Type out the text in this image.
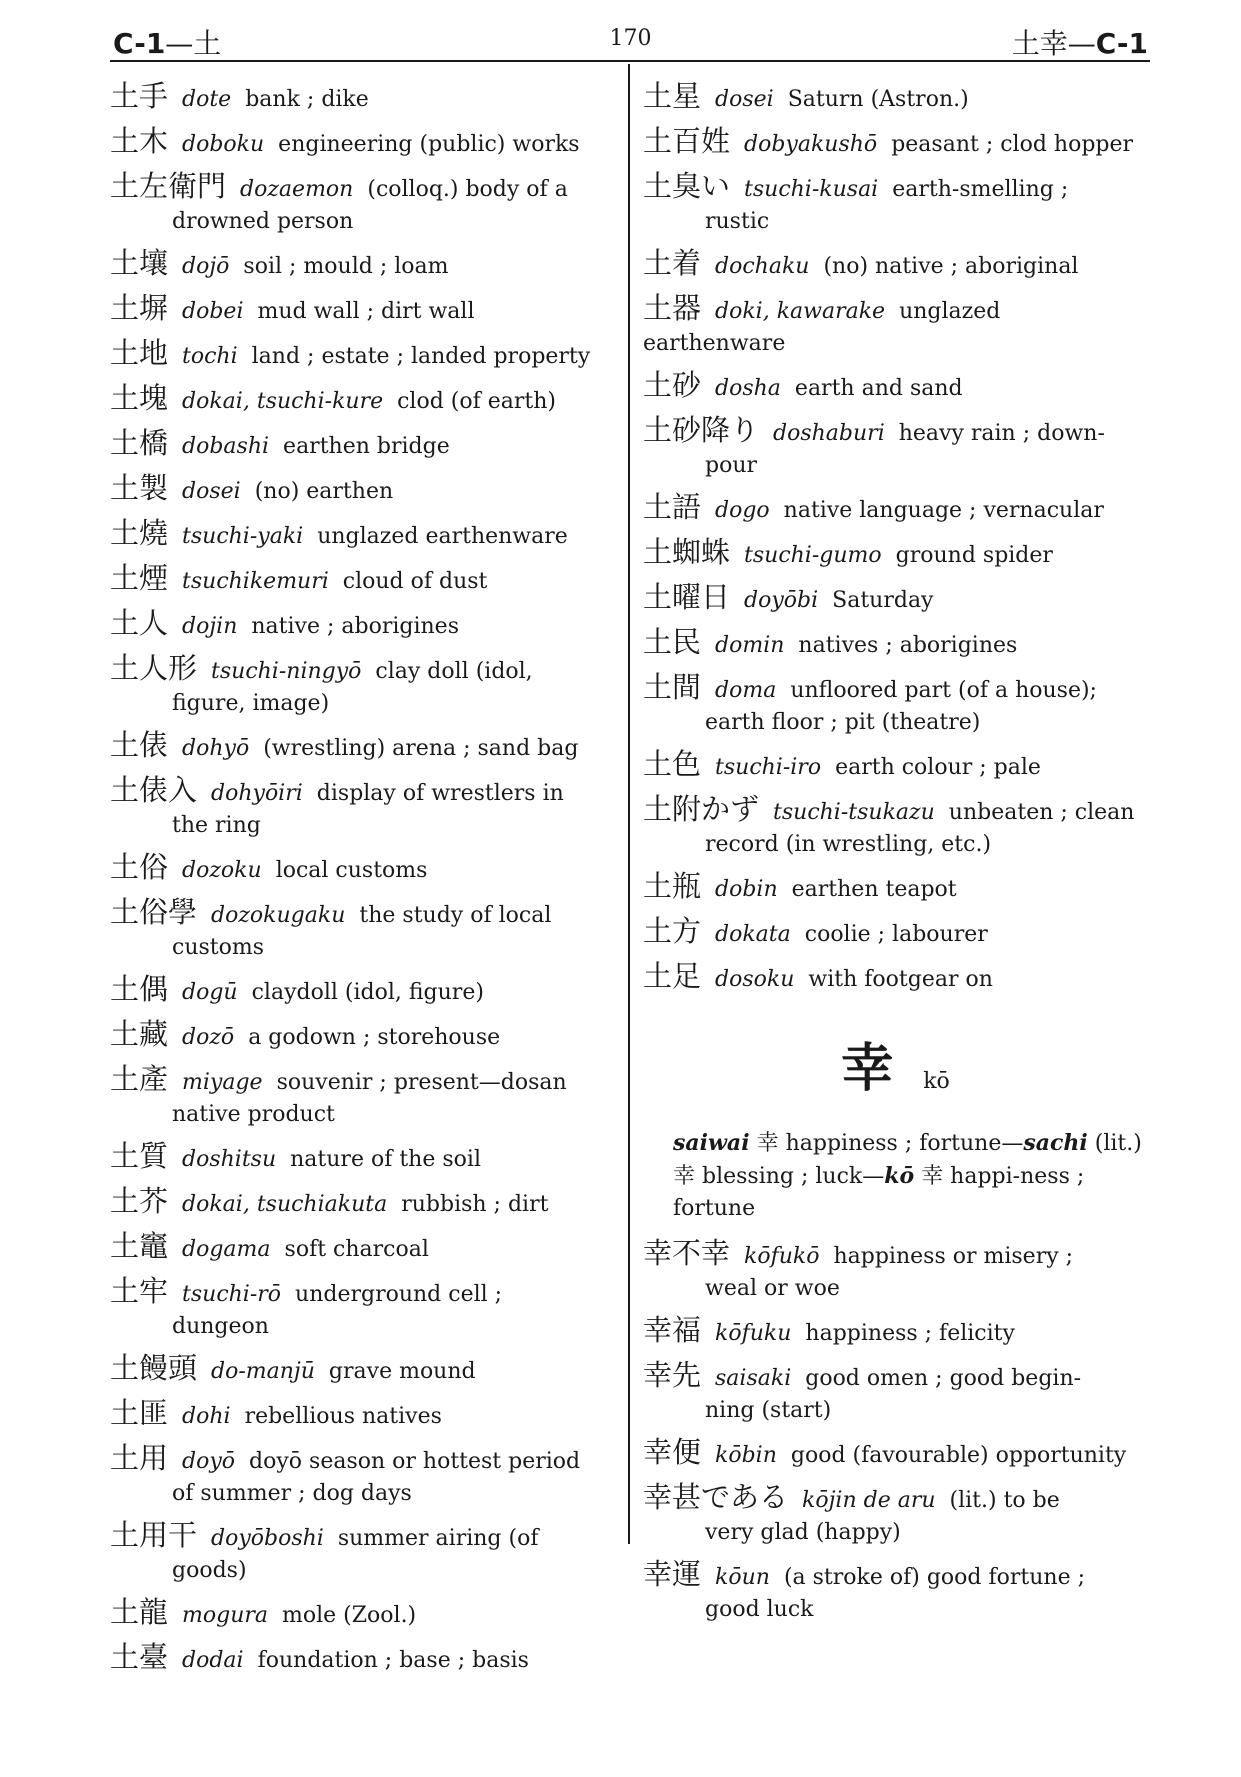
C-1—土	170	土幸—C-1
土手 dote bank ; dike
土木 doboku engineering (public) works
土左衛門 dozaemon (colloq.) body of a
drowned person
土壤 dojō soil ; mould ; loam
土塀 dobei mud wall ; dirt wall
土地 tochi land ; estate ; landed property
土塊 dokai, tsuchi-kure clod (of earth)
土橋 dobashi earthen bridge
土製 dosei (no) earthen
土燒 tsuchi-yaki unglazed earthenware
土煙 tsuchikemuri cloud of dust
土人 dojin native ; aborigines
土人形 tsuchi-ningyō clay doll (idol,
figure, image)
土俵 dohyō (wrestling) arena ; sand bag
土俵入 dohyōiri display of wrestlers in
the ring
土俗 dozoku local customs
土俗學 dozokugaku the study of local
customs
土偶 dogū claydoll (idol, figure)
土藏 dozō a godown ; storehouse
土產 miyage souvenir ; present—dosan
native product
土質 doshitsu nature of the soil
土芥 dokai, tsuchiakuta rubbish ; dirt
土竈 dogama soft charcoal
土牢 tsuchi-rō underground cell ;
dungeon
土饅頭 do-manjū grave mound
土匪 dohi rebellious natives
土用 doyō doyō season or hottest period
of summer ; dog days
土用干 doyōboshi summer airing (of
goods)
土龍 mogura mole (Zool.)
土臺 dodai foundation ; base ; basis
土星 dosei Saturn (Astron.)
土百姓 dobyakushō peasant ; clod hopper
土臭い tsuchi-kusai earth-smelling ;
rustic
土着 dochaku (no) native ; aboriginal
土器 doki, kawarake unglazed earthenware
土砂 dosha earth and sand
土砂降り doshaburi heavy rain ; down-
pour
土語 dogo native language ; vernacular
土蜘蛛 tsuchi-gumo ground spider
土曜日 doyōbi Saturday
土民 domin natives ; aborigines
土間 doma unfloored part (of a house);
earth floor ; pit (theatre)
土色 tsuchi-iro earth colour ; pale
土附かず tsuchi-tsukazu unbeaten ; clean
record (in wrestling, etc.)
土瓶 dobin earthen teapot
土方 dokata coolie ; labourer
土足 dosoku with footgear on
幸 kō
saiwai 幸 happiness ; fortune—sachi (lit.) 幸 blessing ; luck—kō 幸 happi-ness ; fortune
幸不幸 kōfukō happiness or misery ;
weal or woe
幸福 kōfuku happiness ; felicity
幸先 saisaki good omen ; good begin-
ning (start)
幸便 kōbin good (favourable) opportunity
幸甚である kōjin de aru (lit.) to be
very glad (happy)
幸運 kōun (a stroke of) good fortune ;
good luck
